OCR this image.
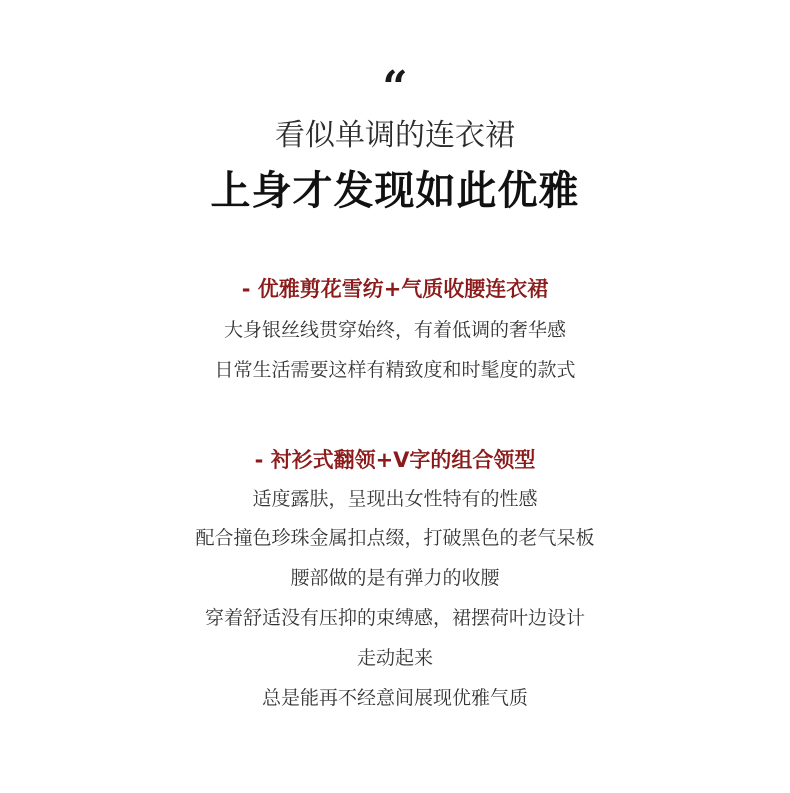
“
看似单调的连衣裙
上身才发现如此优雅
- 优雅剪花雪纺+气质收腰连衣裙
大身银丝线贯穿始终，有着低调的奢华感
日常生活需要这样有精致度和时髦度的款式
- 衬衫式翻领+V字的组合领型
适度露肤，呈现出女性特有的性感
配合撞色珍珠金属扣点缀，打破黑色的老气呆板
腰部做的是有弹力的收腰
穿着舒适没有压抑的束缚感，裙摆荷叶边设计
走动起来
总是能再不经意间展现优雅气质
